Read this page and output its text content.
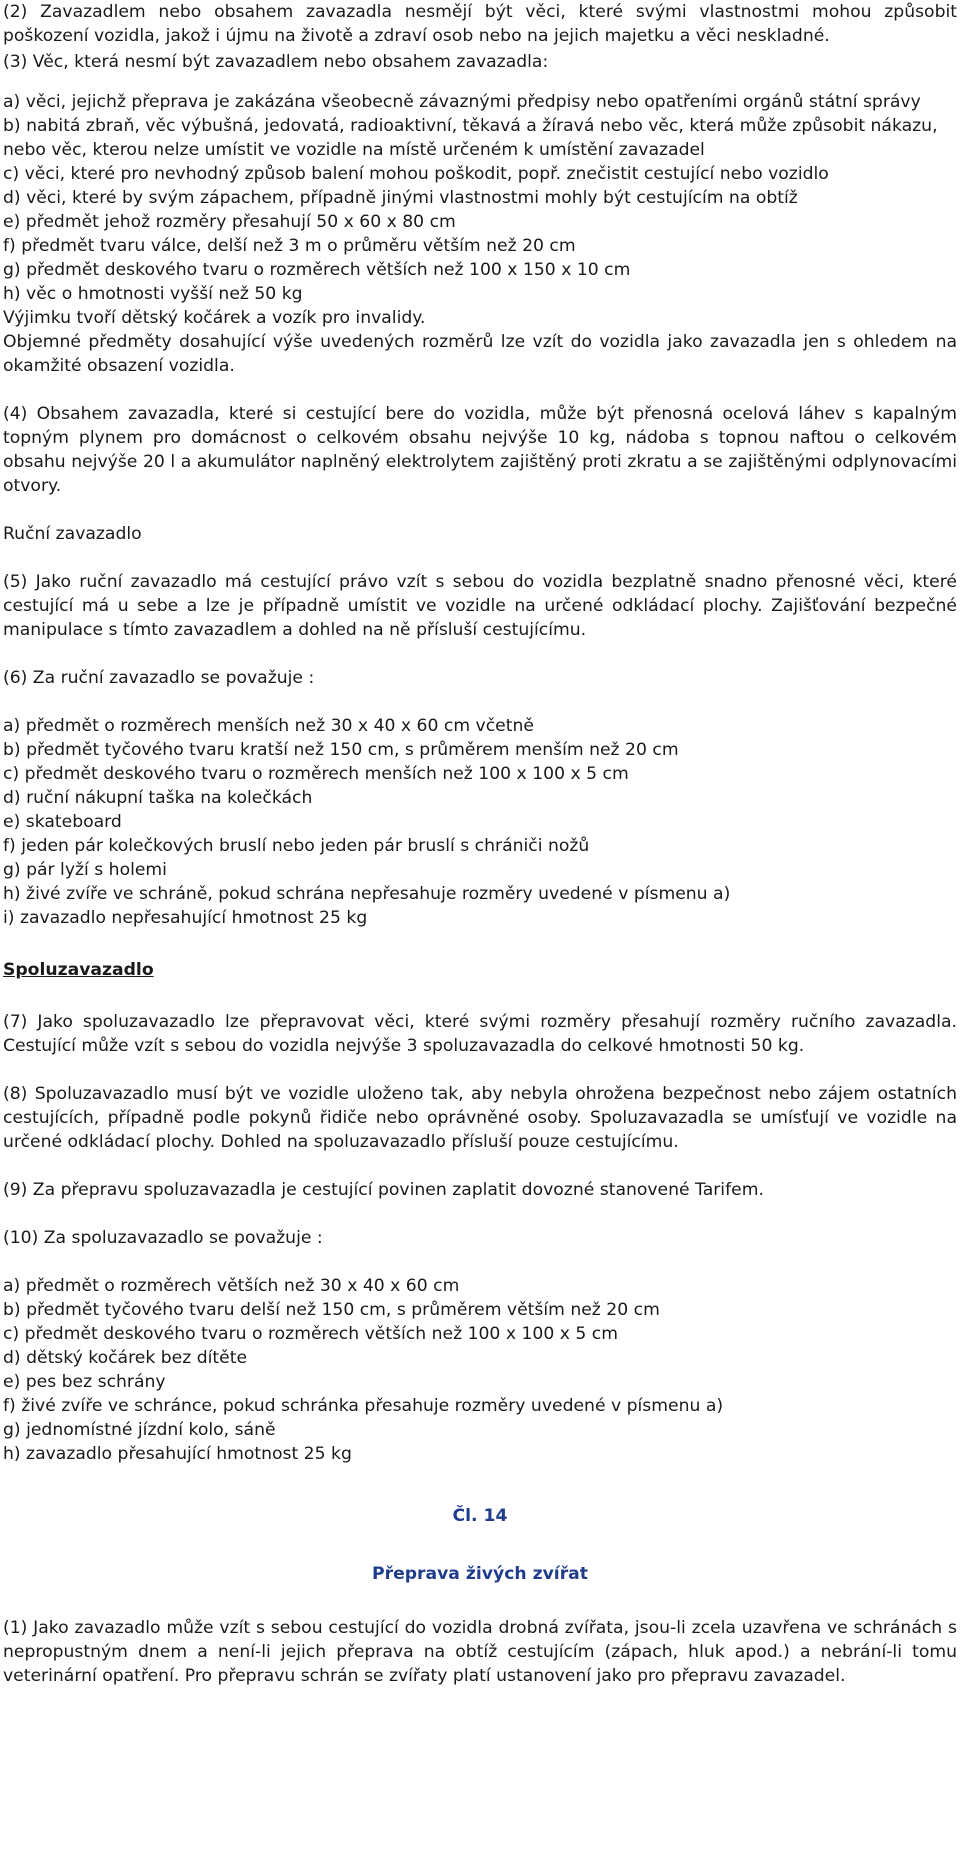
(2) Zavazadlem nebo obsahem zavazadla nesmějí být věci, které svými vlastnostmi mohou způsobit poškození vozidla, jakož i újmu na životě a zdraví osob nebo na jejich majetku a věci neskladné.

(3) Věc, která nesmí být zavazadlem nebo obsahem zavazadla:

a) věci, jejichž přeprava je zakázána všeobecně závaznými předpisy nebo opatřeními orgánů státní správy
b) nabitá zbraň, věc výbušná, jedovatá, radioaktivní, těkavá a žíravá nebo věc, která může způsobit nákazu, nebo věc, kterou nelze umístit ve vozidle na místě určeném k umístění zavazadel
c) věci, které pro nevhodný způsob balení mohou poškodit, popř. znečistit cestující nebo vozidlo
d) věci, které by svým zápachem, případně jinými vlastnostmi mohly být cestujícím na obtíž
e) předmět jehož rozměry přesahují 50 x 60 x 80 cm
f) předmět tvaru válce, delší než 3 m o průměru větším než 20 cm
g) předmět deskového tvaru o rozměrech větších než 100 x 150 x 10 cm
h) věc o hmotnosti vyšší než 50 kg

Výjimku tvoří dětský kočárek a vozík pro invalidy.

Objemné předměty dosahující výše uvedených rozměrů lze vzít do vozidla jako zavazadla jen s ohledem na okamžité obsazení vozidla.

(4) Obsahem zavazadla, které si cestující bere do vozidla, může být přenosná ocelová láhev s kapalným topným plynem pro domácnost o celkovém obsahu nejvýše 10 kg, nádoba s topnou naftou o celkovém obsahu nejvýše 20 l a akumulátor naplněný elektrolytem zajištěný proti zkratu a se zajištěnými odplynovacími otvory.

Ruční zavazadlo

(5) Jako ruční zavazadlo má cestující právo vzít s sebou do vozidla bezplatně snadno přenosné věci, které cestující má u sebe a lze je případně umístit ve vozidle na určené odkládací plochy. Zajišťování bezpečné manipulace s tímto zavazadlem a dohled na ně přísluší cestujícímu.

(6) Za ruční zavazadlo se považuje :

a) předmět o rozměrech menších než 30 x 40 x 60 cm včetně
b) předmět tyčového tvaru kratší než 150 cm, s průměrem menším než 20 cm
c) předmět deskového tvaru o rozměrech menších než 100 x 100 x 5 cm
d) ruční nákupní taška na kolečkách
e) skateboard
f) jeden pár kolečkových bruslí nebo jeden pár bruslí s chrániči nožů
g) pár lyží s holemi
h) živé zvíře ve schráně, pokud schrána nepřesahuje rozměry uvedené v písmenu a)
i) zavazadlo nepřesahující hmotnost 25 kg

Spoluzavazadlo

(7) Jako spoluzavazadlo lze přepravovat věci, které svými rozměry přesahují rozměry ručního zavazadla. Cestující může vzít s sebou do vozidla nejvýše 3 spoluzavazadla do celkové hmotnosti 50 kg.

(8) Spoluzavazadlo musí být ve vozidle uloženo tak, aby nebyla ohrožena bezpečnost nebo zájem ostatních cestujících, případně podle pokynů řidiče nebo oprávněné osoby. Spoluzavazadla se umísťují ve vozidle na určené odkládací plochy. Dohled na spoluzavazadlo přísluší pouze cestujícímu.

(9) Za přepravu spoluzavazadla je cestující povinen zaplatit dovozné stanovené Tarifem.

(10) Za spoluzavazadlo se považuje :

a) předmět o rozměrech větších než 30 x 40 x 60 cm
b) předmět tyčového tvaru delší než 150 cm, s průměrem větším než 20 cm
c) předmět deskového tvaru o rozměrech větších než 100 x 100 x 5 cm
d) dětský kočárek bez dítěte
e) pes bez schrány
f) živé zvíře ve schránce, pokud schránka přesahuje rozměry uvedené v písmenu a)
g) jednomístné jízdní kolo, sáně
h) zavazadlo přesahující hmotnost 25 kg

Čl. 14

Přeprava živých zvířat

(1) Jako zavazadlo může vzít s sebou cestující do vozidla drobná zvířata, jsou-li zcela uzavřena ve schránách s nepropustným dnem a není-li jejich přeprava na obtíž cestujícím (zápach, hluk apod.) a nebrání-li tomu veterinární opatření. Pro přepravu schrán se zvířaty platí ustanovení jako pro přepravu zavazadel.
